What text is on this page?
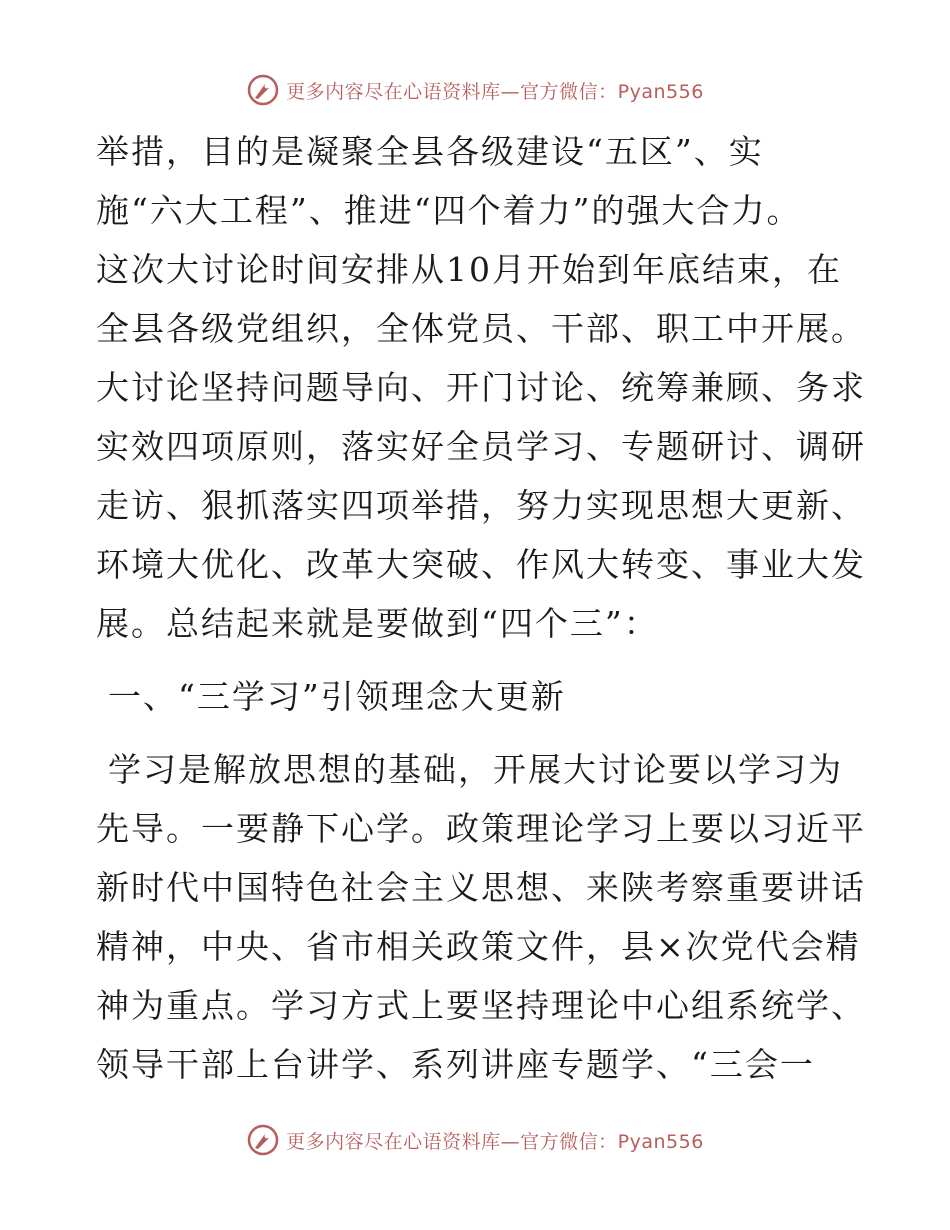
更多内容尽在心语资料库—官方微信：Pyan556
举措，目的是凝聚全县各级建设“五区”、实
施“六大工程”、推进“四个着力”的强大合力。
这次大讨论时间安排从10月开始到年底结束，在
全县各级党组织，全体党员、干部、职工中开展。
大讨论坚持问题导向、开门讨论、统筹兼顾、务求
实效四项原则，落实好全员学习、专题研讨、调研
走访、狠抓落实四项举措，努力实现思想大更新、
环境大优化、改革大突破、作风大转变、事业大发
展。总结起来就是要做到“四个三”：
一、“三学习”引领理念大更新
学习是解放思想的基础，开展大讨论要以学习为
先导。一要静下心学。政策理论学习上要以习近平
新时代中国特色社会主义思想、来陕考察重要讲话
精神，中央、省市相关政策文件，县×次党代会精
神为重点。学习方式上要坚持理论中心组系统学、
领导干部上台讲学、系列讲座专题学、“三会一
更多内容尽在心语资料库—官方微信：Pyan556
